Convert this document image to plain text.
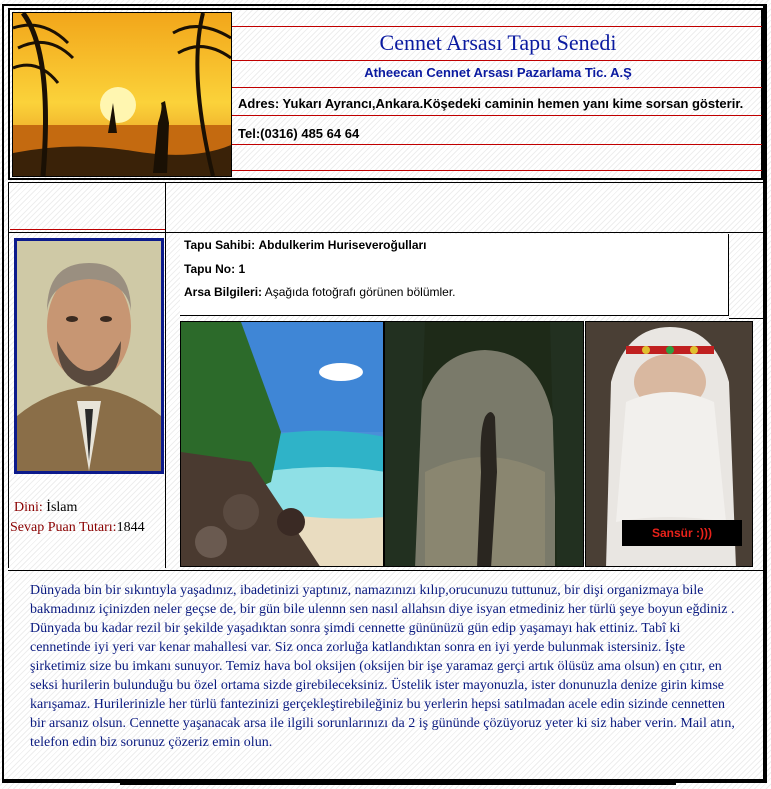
Cennet Arsası Tapu Senedi
Atheecan Cennet Arsası Pazarlama Tic. A.Ş
Adres: Yukarı Ayrancı,Ankara.Köşedeki caminin hemen yanı kime sorsan gösterir.
Tel:(0316) 485 64 64
Dini: İslam
Sevap Puan Tutarı:1844
Tapu Sahibi: Abdulkerim Huriseveroğulları
Tapu No: 1
Arsa Bilgileri: Aşağıda fotoğrafı görünen bölümler.
Sansür :)))
Dünyada bin bir sıkıntıyla yaşadınız, ibadetinizi yaptınız, namazınızı kılıp,orucunuzu tuttunuz, bir dişi organizmaya bile bakmadınız içinizden neler geçse de, bir gün bile ulennn sen nasıl allahsın diye isyan etmediniz her türlü şeye boyun eğdiniz . Dünyada bu kadar rezil bir şekilde yaşadıktan sonra şimdi cennette gününüzü gün edip yaşamayı hak ettiniz. Tabî ki cennetinde iyi yeri var kenar mahallesi var. Siz onca zorluğa katlandıktan sonra en iyi yerde bulunmak istersiniz. İşte şirketimiz size bu imkanı sunuyor. Temiz hava bol oksijen (oksijen bir işe yaramaz gerçi artık ölüsüz ama olsun) en çıtır, en seksi hurilerin bulunduğu bu özel ortama sizde girebileceksiniz. Üstelik ister mayonuzla, ister donunuzla denize girin kimse karışamaz. Hurilerinizle her türlü fantezinizi gerçekleştirebileğiniz bu yerlerin hepsi satılmadan acele edin sizinde cennetten bir arsanız olsun. Cennette yaşanacak arsa ile ilgili sorunlarınızı da 2 iş gününde çözüyoruz yeter ki siz haber verin. Mail atın, telefon edin biz sorunuz çözeriz emin olun.
